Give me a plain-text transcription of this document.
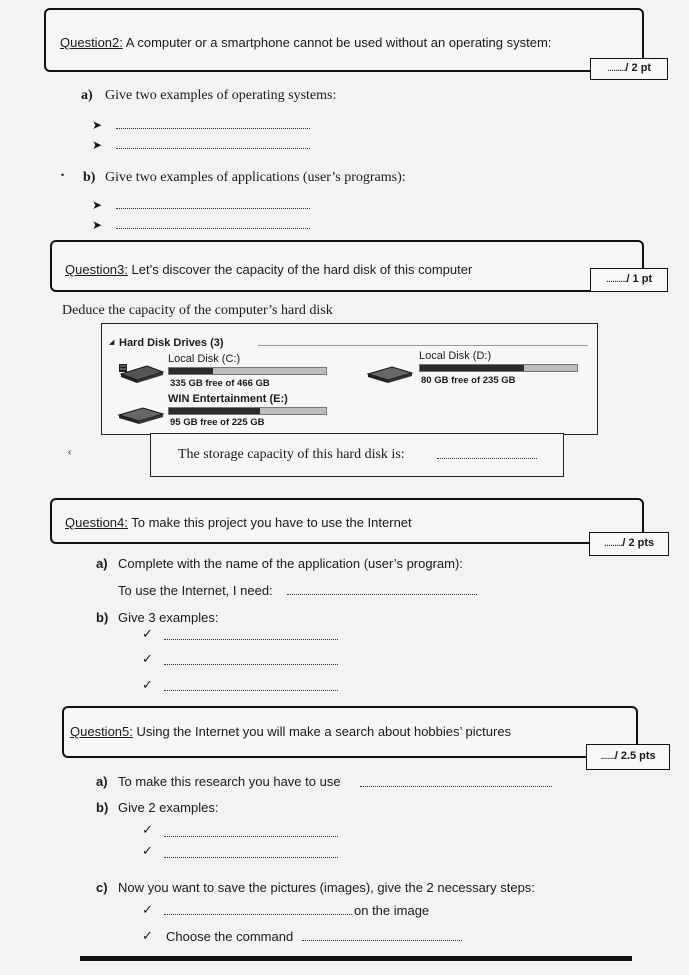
Question2: A computer or a smartphone cannot be used without an operating system:
........./ 2 pt
a) Give two examples of operating systems:
➤
➤
• b) Give two examples of applications (user’s programs):
➤
➤
Question3: Let’s discover the capacity of the hard disk of this computer
........../ 1 pt
Deduce the capacity of the computer’s hard disk
◢ Hard Disk Drives (3)
Local Disk (C:)
335 GB free of 466 GB
Local Disk (D:)
80 GB free of 235 GB
WIN Entertainment (E:)
95 GB free of 225 GB
The storage capacity of this hard disk is:
‹
Question4: To make this project you have to use the Internet
........./ 2 pts
a) Complete with the name of the application (user’s program):
To use the Internet, I need:
b) Give 3 examples:
✓
✓
✓
Question5: Using the Internet you will make a search about hobbies’ pictures
......./ 2.5 pts
a) To make this research you have to use
b) Give 2 examples:
✓
✓
c) Now you want to save the pictures (images), give the 2 necessary steps:
✓	on the image
✓ Choose the command
